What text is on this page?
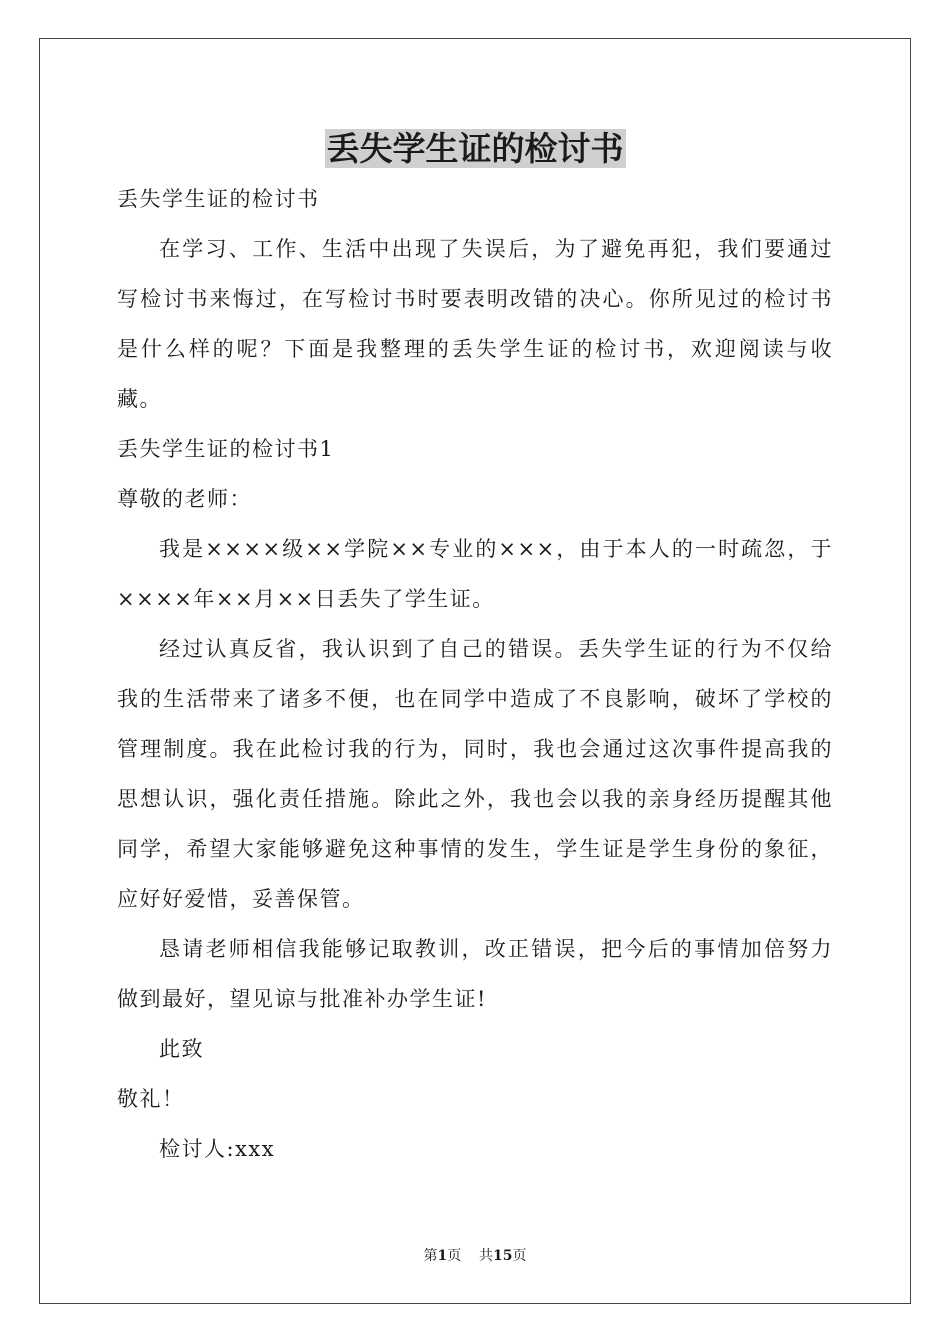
丢失学生证的检讨书

丢失学生证的检讨书

在学习、工作、生活中出现了失误后，为了避免再犯，我们要通过写检讨书来悔过，在写检讨书时要表明改错的决心。你所见过的检讨书是什么样的呢？下面是我整理的丢失学生证的检讨书，欢迎阅读与收藏。

丢失学生证的检讨书1

尊敬的老师：

我是××××级××学院××专业的×××，由于本人的一时疏忽，于××××年××月××日丢失了学生证。

经过认真反省，我认识到了自己的错误。丢失学生证的行为不仅给我的生活带来了诸多不便，也在同学中造成了不良影响，破坏了学校的管理制度。我在此检讨我的行为，同时，我也会通过这次事件提高我的思想认识，强化责任措施。除此之外，我也会以我的亲身经历提醒其他同学，希望大家能够避免这种事情的发生，学生证是学生身份的象征，应好好爱惜，妥善保管。

恳请老师相信我能够记取教训，改正错误，把今后的事情加倍努力做到最好，望见谅与批准补办学生证!

此致

敬礼！

检讨人:xxx

第1页 共15页
